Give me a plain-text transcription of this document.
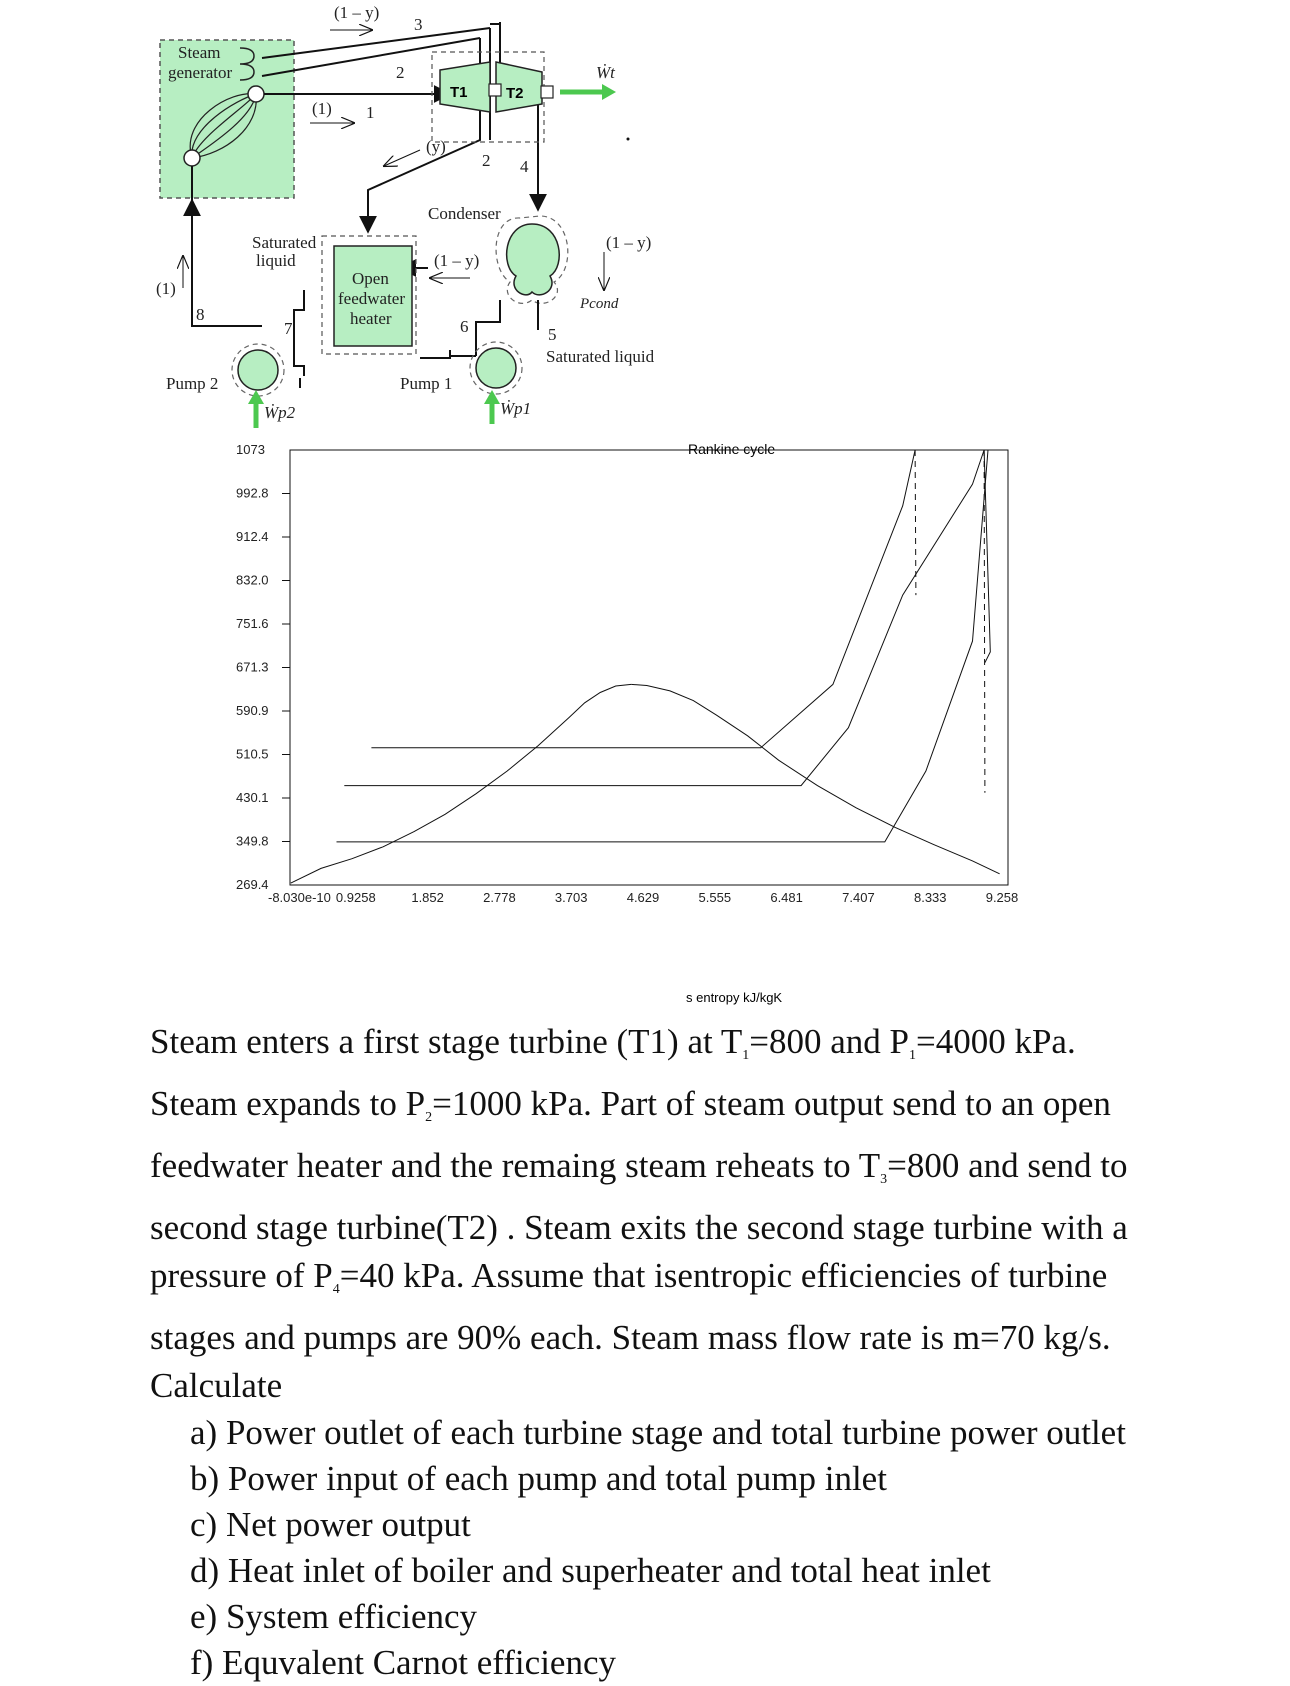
Steam
generator
(1 – y)
3
2
(1) 1
T1	T2
Ẇt
(y)
2 4
Condenser
(1 – y)
(1 – y)
Pcond
5
Saturated liquid
Open
feedwater
heater
Saturated
liquid
6
7
8
(1)
Pump 2	Pump 1
Ẇp2	Ẇp1
Rankine cycle
269.4
349.8
430.1
510.5
590.9
671.3
751.6
832.0
912.4
992.8
1073
-8.030e-10 0.9258	1.852	2.778	3.703	4.629	5.555	6.481	7.407	8.333	9.258
s entropy kJ/kgK

Steam enters a first stage turbine (T1) at $T_1=800$ and $P_1=4000$ kPa. Steam expands to $P_2=1000$ kPa. Part of steam output send to an open feedwater heater and the remaing steam reheats to $T_3=800$ and send to second stage turbine(T2) . Steam exits the second stage turbine with a pressure of $P_4=40$ kPa. Assume that isentropic efficiencies of turbine stages and pumps are 90% each. Steam mass flow rate is m=70 kg/s. Calculate

a) Power outlet of each turbine stage and total turbine power outlet
b) Power input of each pump and total pump inlet
c) Net power output
d) Heat inlet of boiler and superheater and total heat inlet
e) System efficiency
f) Equvalent Carnot efficiency
